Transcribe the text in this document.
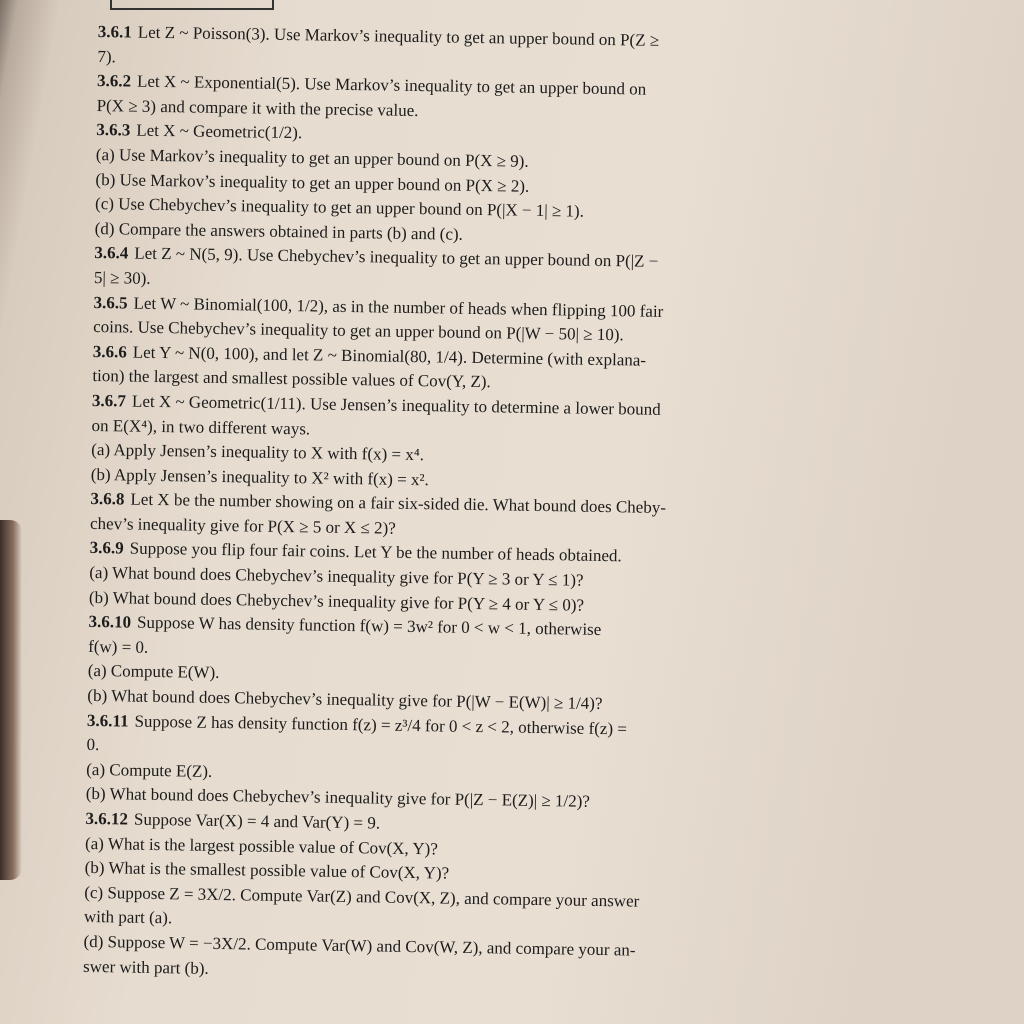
3.6.1 Let Z ~ Poisson(3). Use Markov’s inequality to get an upper bound on P(Z ≥
7).
3.6.2 Let X ~ Exponential(5). Use Markov’s inequality to get an upper bound on
P(X ≥ 3) and compare it with the precise value.
3.6.3 Let X ~ Geometric(1/2).
(a) Use Markov’s inequality to get an upper bound on P(X ≥ 9).
(b) Use Markov’s inequality to get an upper bound on P(X ≥ 2).
(c) Use Chebychev’s inequality to get an upper bound on P(|X − 1| ≥ 1).
(d) Compare the answers obtained in parts (b) and (c).
3.6.4 Let Z ~ N(5, 9). Use Chebychev’s inequality to get an upper bound on P(|Z −
5| ≥ 30).
3.6.5 Let W ~ Binomial(100, 1/2), as in the number of heads when flipping 100 fair
coins. Use Chebychev’s inequality to get an upper bound on P(|W − 50| ≥ 10).
3.6.6 Let Y ~ N(0, 100), and let Z ~ Binomial(80, 1/4). Determine (with explana-
tion) the largest and smallest possible values of Cov(Y, Z).
3.6.7 Let X ~ Geometric(1/11). Use Jensen’s inequality to determine a lower bound
on E(X⁴), in two different ways.
(a) Apply Jensen’s inequality to X with f(x) = x⁴.
(b) Apply Jensen’s inequality to X² with f(x) = x².
3.6.8 Let X be the number showing on a fair six-sided die. What bound does Cheby-
chev’s inequality give for P(X ≥ 5 or X ≤ 2)?
3.6.9 Suppose you flip four fair coins. Let Y be the number of heads obtained.
(a) What bound does Chebychev’s inequality give for P(Y ≥ 3 or Y ≤ 1)?
(b) What bound does Chebychev’s inequality give for P(Y ≥ 4 or Y ≤ 0)?
3.6.10 Suppose W has density function f(w) = 3w² for 0 < w < 1, otherwise
f(w) = 0.
(a) Compute E(W).
(b) What bound does Chebychev’s inequality give for P(|W − E(W)| ≥ 1/4)?
3.6.11 Suppose Z has density function f(z) = z³/4 for 0 < z < 2, otherwise f(z) =
0.
(a) Compute E(Z).
(b) What bound does Chebychev’s inequality give for P(|Z − E(Z)| ≥ 1/2)?
3.6.12 Suppose Var(X) = 4 and Var(Y) = 9.
(a) What is the largest possible value of Cov(X, Y)?
(b) What is the smallest possible value of Cov(X, Y)?
(c) Suppose Z = 3X/2. Compute Var(Z) and Cov(X, Z), and compare your answer
with part (a).
(d) Suppose W = −3X/2. Compute Var(W) and Cov(W, Z), and compare your an-
swer with part (b).
